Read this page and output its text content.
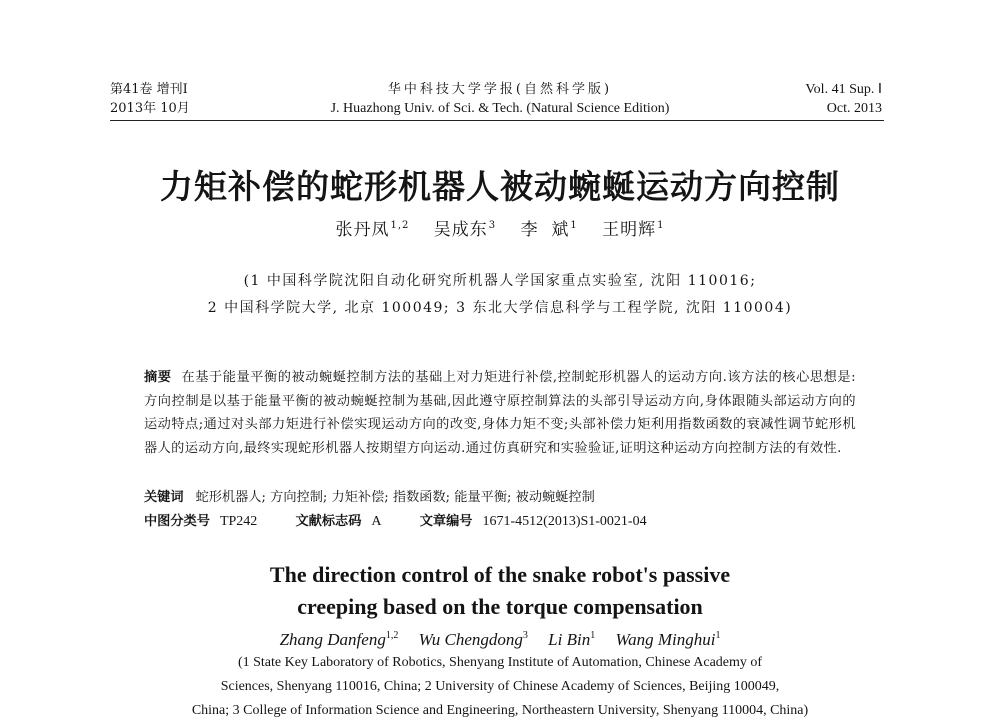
第41卷 增刊Ⅰ
2013年 10月
华中科技大学学报(自然科学版)
J. Huazhong Univ. of Sci. & Tech. (Natural Science Edition)
Vol. 41 Sup. Ⅰ
Oct. 2013
力矩补偿的蛇形机器人被动蜿蜒运动方向控制
张丹凤$^{1,2}$ 吴成东$^3$ 李  斌$^1$ 王明辉$^1$
(1 中国科学院沈阳自动化研究所机器人学国家重点实验室, 沈阳 110016;
2 中国科学院大学, 北京 100049; 3 东北大学信息科学与工程学院, 沈阳 110004)
摘要 在基于能量平衡的被动蜿蜒控制方法的基础上对力矩进行补偿,控制蛇形机器人的运动方向.该方法的核心思想是:方向控制是以基于能量平衡的被动蜿蜒控制为基础,因此遵守原控制算法的头部引导运动方向,身体跟随头部运动方向的运动特点;通过对头部力矩进行补偿实现运动方向的改变,身体力矩不变;头部补偿力矩利用指数函数的衰减性调节蛇形机器人的运动方向,最终实现蛇形机器人按期望方向运动.通过仿真研究和实验验证,证明这种运动方向控制方法的有效性.
关键词 蛇形机器人; 方向控制; 力矩补偿; 指数函数; 能量平衡; 被动蜿蜒控制
中图分类号 TP242	文献标志码 A	文章编号 1671-4512(2013)S1-0021-04
The direction control of the snake robot's passive
creeping based on the torque compensation
Zhang Danfeng$^{1,2}$ Wu Chengdong$^3$ Li Bin$^1$ Wang Minghui$^1$
(1 State Key Laboratory of Robotics, Shenyang Institute of Automation, Chinese Academy of
Sciences, Shenyang 110016, China; 2 University of Chinese Academy of Sciences, Beijing 100049,
China; 3 College of Information Science and Engineering, Northeastern University, Shenyang 110004, China)
